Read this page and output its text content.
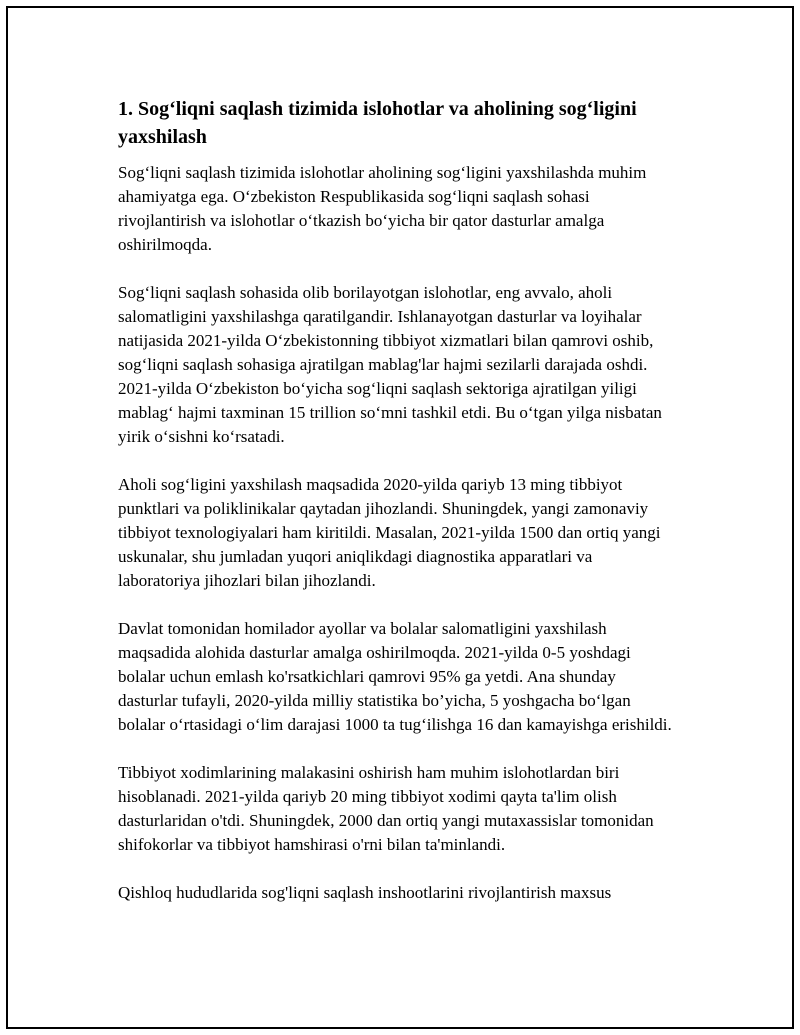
1. Sog‘liqni saqlash tizimida islohotlar va aholining sog‘ligini yaxshilash

Sog‘liqni saqlash tizimida islohotlar aholining sog‘ligini yaxshilashda muhim ahamiyatga ega. O‘zbekiston Respublikasida sog‘liqni saqlash sohasi rivojlantirish va islohotlar o‘tkazish bo‘yicha bir qator dasturlar amalga oshirilmoqda.

Sog‘liqni saqlash sohasida olib borilayotgan islohotlar, eng avvalo, aholi salomatligini yaxshilashga qaratilgandir. Ishlanayotgan dasturlar va loyihalar natijasida 2021-yilda O‘zbekistonning tibbiyot xizmatlari bilan qamrovi oshib, sog‘liqni saqlash sohasiga ajratilgan mablag'lar hajmi sezilarli darajada oshdi. 2021-yilda O‘zbekiston bo‘yicha sog‘liqni saqlash sektoriga ajratilgan yiligi mablag‘ hajmi taxminan 15 trillion so‘mni tashkil etdi. Bu o‘tgan yilga nisbatan yirik o‘sishni ko‘rsatadi.

Aholi sog‘ligini yaxshilash maqsadida 2020-yilda qariyb 13 ming tibbiyot punktlari va poliklinikalar qaytadan jihozlandi. Shuningdek, yangi zamonaviy tibbiyot texnologiyalari ham kiritildi. Masalan, 2021-yilda 1500 dan ortiq yangi uskunalar, shu jumladan yuqori aniqlikdagi diagnostika apparatlari va laboratoriya jihozlari bilan jihozlandi.

Davlat tomonidan homilador ayollar va bolalar salomatligini yaxshilash maqsadida alohida dasturlar amalga oshirilmoqda. 2021-yilda 0-5 yoshdagi bolalar uchun emlash ko'rsatkichlari qamrovi 95% ga yetdi. Ana shunday dasturlar tufayli, 2020-yilda milliy statistika bo’yicha, 5 yoshgacha bo‘lgan bolalar o‘rtasidagi o‘lim darajasi 1000 ta tug‘ilishga 16 dan kamayishga erishildi.

Tibbiyot xodimlarining malakasini oshirish ham muhim islohotlardan biri hisoblanadi. 2021-yilda qariyb 20 ming tibbiyot xodimi qayta ta'lim olish dasturlaridan o'tdi. Shuningdek, 2000 dan ortiq yangi mutaxassislar tomonidan shifokorlar va tibbiyot hamshirasi o'rni bilan ta'minlandi.

Qishloq hududlarida sog'liqni saqlash inshootlarini rivojlantirish maxsus
